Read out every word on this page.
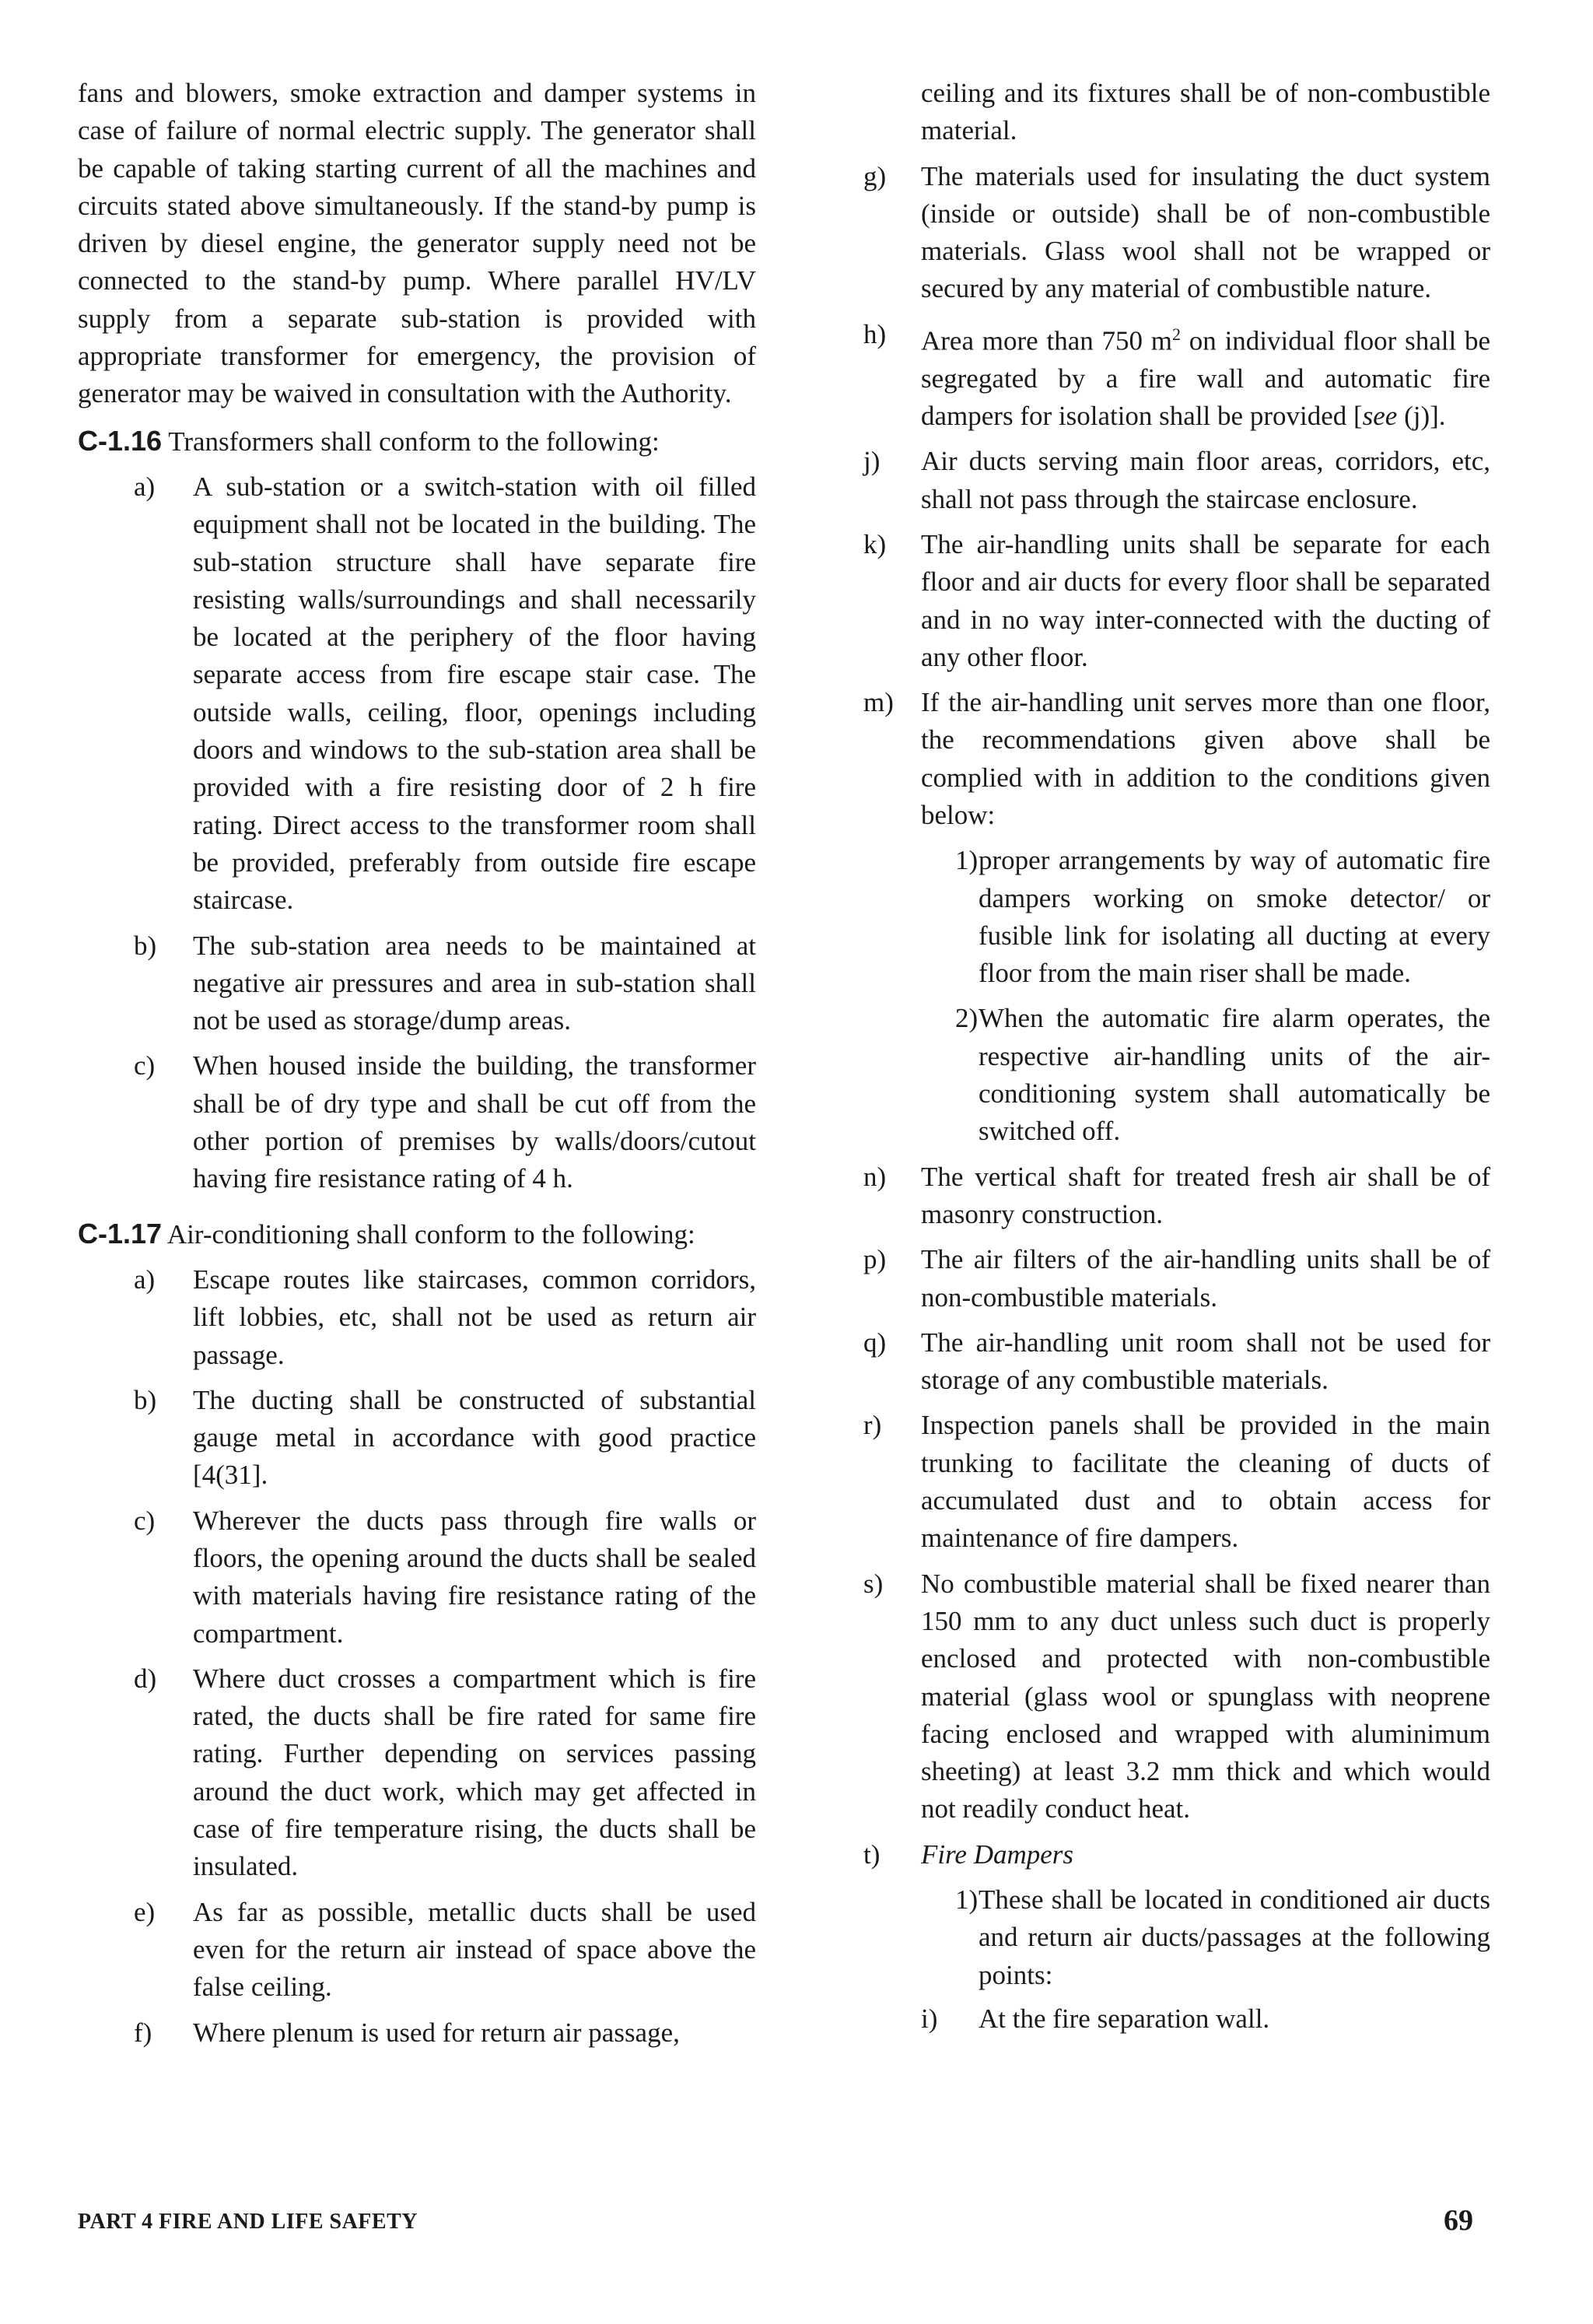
fans and blowers, smoke extraction and damper systems in case of failure of normal electric supply. The generator shall be capable of taking starting current of all the machines and circuits stated above simultaneously. If the stand-by pump is driven by diesel engine, the generator supply need not be connected to the stand-by pump. Where parallel HV/LV supply from a separate sub-station is provided with appropriate transformer for emergency, the provision of generator may be waived in consultation with the Authority.

C-1.16 Transformers shall conform to the following:

a) A sub-station or a switch-station with oil filled equipment shall not be located in the building. The sub-station structure shall have separate fire resisting walls/surroundings and shall necessarily be located at the periphery of the floor having separate access from fire escape stair case. The outside walls, ceiling, floor, openings including doors and windows to the sub-station area shall be provided with a fire resisting door of 2 h fire rating. Direct access to the transformer room shall be provided, preferably from outside fire escape staircase.

b) The sub-station area needs to be maintained at negative air pressures and area in sub-station shall not be used as storage/dump areas.

c) When housed inside the building, the transformer shall be of dry type and shall be cut off from the other portion of premises by walls/doors/cutout having fire resistance rating of 4 h.

C-1.17 Air-conditioning shall conform to the following:

a) Escape routes like staircases, common corridors, lift lobbies, etc, shall not be used as return air passage.

b) The ducting shall be constructed of substantial gauge metal in accordance with good practice [4(31].

c) Wherever the ducts pass through fire walls or floors, the opening around the ducts shall be sealed with materials having fire resistance rating of the compartment.

d) Where duct crosses a compartment which is fire rated, the ducts shall be fire rated for same fire rating. Further depending on services passing around the duct work, which may get affected in case of fire temperature rising, the ducts shall be insulated.

e) As far as possible, metallic ducts shall be used even for the return air instead of space above the false ceiling.

f) Where plenum is used for return air passage,

ceiling and its fixtures shall be of non-combustible material.

g) The materials used for insulating the duct system (inside or outside) shall be of non-combustible materials. Glass wool shall not be wrapped or secured by any material of combustible nature.

h) Area more than 750 $m^2$ on individual floor shall be segregated by a fire wall and automatic fire dampers for isolation shall be provided [see (j)].

j) Air ducts serving main floor areas, corridors, etc, shall not pass through the staircase enclosure.

k) The air-handling units shall be separate for each floor and air ducts for every floor shall be separated and in no way inter-connected with the ducting of any other floor.

m) If the air-handling unit serves more than one floor, the recommendations given above shall be complied with in addition to the conditions given below:

1) proper arrangements by way of automatic fire dampers working on smoke detector/ or fusible link for isolating all ducting at every floor from the main riser shall be made.

2) When the automatic fire alarm operates, the respective air-handling units of the air-conditioning system shall automatically be switched off.

n) The vertical shaft for treated fresh air shall be of masonry construction.

p) The air filters of the air-handling units shall be of non-combustible materials.

q) The air-handling unit room shall not be used for storage of any combustible materials.

r) Inspection panels shall be provided in the main trunking to facilitate the cleaning of ducts of accumulated dust and to obtain access for maintenance of fire dampers.

s) No combustible material shall be fixed nearer than 150 mm to any duct unless such duct is properly enclosed and protected with non-combustible material (glass wool or spunglass with neoprene facing enclosed and wrapped with aluminimum sheeting) at least 3.2 mm thick and which would not readily conduct heat.

t) Fire Dampers

1) These shall be located in conditioned air ducts and return air ducts/passages at the following points:

i) At the fire separation wall.

PART 4 FIRE AND LIFE SAFETY	69
